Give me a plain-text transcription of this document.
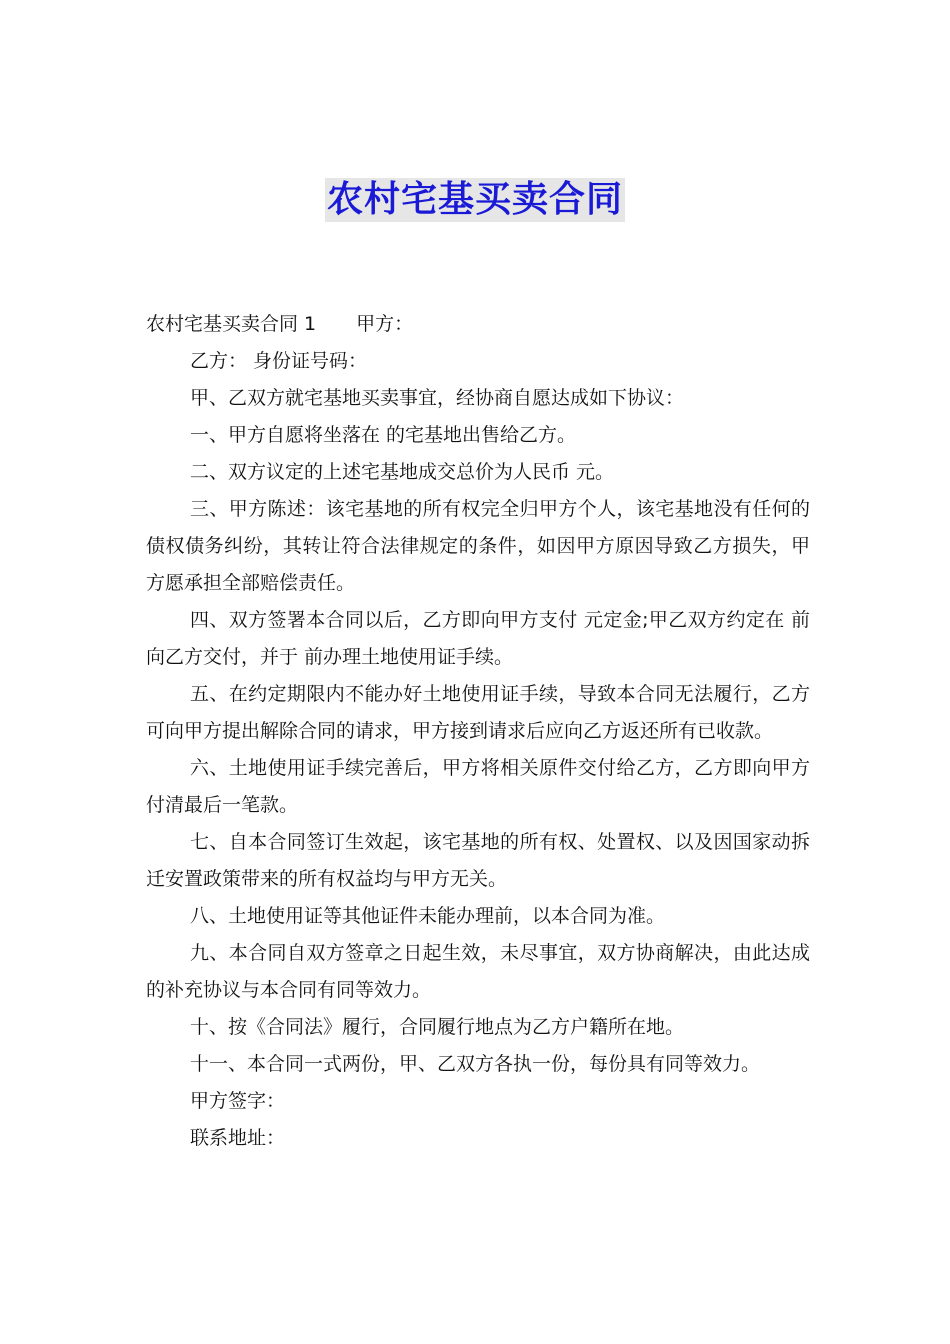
农村宅基买卖合同

农村宅基买卖合同 1 甲方：

乙方： 身份证号码：

甲、乙双方就宅基地买卖事宜，经协商自愿达成如下协议：

一、甲方自愿将坐落在 的宅基地出售给乙方。

二、双方议定的上述宅基地成交总价为人民币 元。

三、甲方陈述：该宅基地的所有权完全归甲方个人，该宅基地没有任何的债权债务纠纷，其转让符合法律规定的条件，如因甲方原因导致乙方损失，甲方愿承担全部赔偿责任。

四、双方签署本合同以后，乙方即向甲方支付 元定金;甲乙双方约定在 前向乙方交付，并于 前办理土地使用证手续。

五、在约定期限内不能办好土地使用证手续，导致本合同无法履行，乙方可向甲方提出解除合同的请求，甲方接到请求后应向乙方返还所有已收款。

六、土地使用证手续完善后，甲方将相关原件交付给乙方，乙方即向甲方付清最后一笔款。

七、自本合同签订生效起，该宅基地的所有权、处置权、以及因国家动拆迁安置政策带来的所有权益均与甲方无关。

八、土地使用证等其他证件未能办理前，以本合同为准。

九、本合同自双方签章之日起生效，未尽事宜，双方协商解决，由此达成的补充协议与本合同有同等效力。

十、按《合同法》履行，合同履行地点为乙方户籍所在地。

十一、本合同一式两份，甲、乙双方各执一份，每份具有同等效力。

甲方签字：

联系地址：
